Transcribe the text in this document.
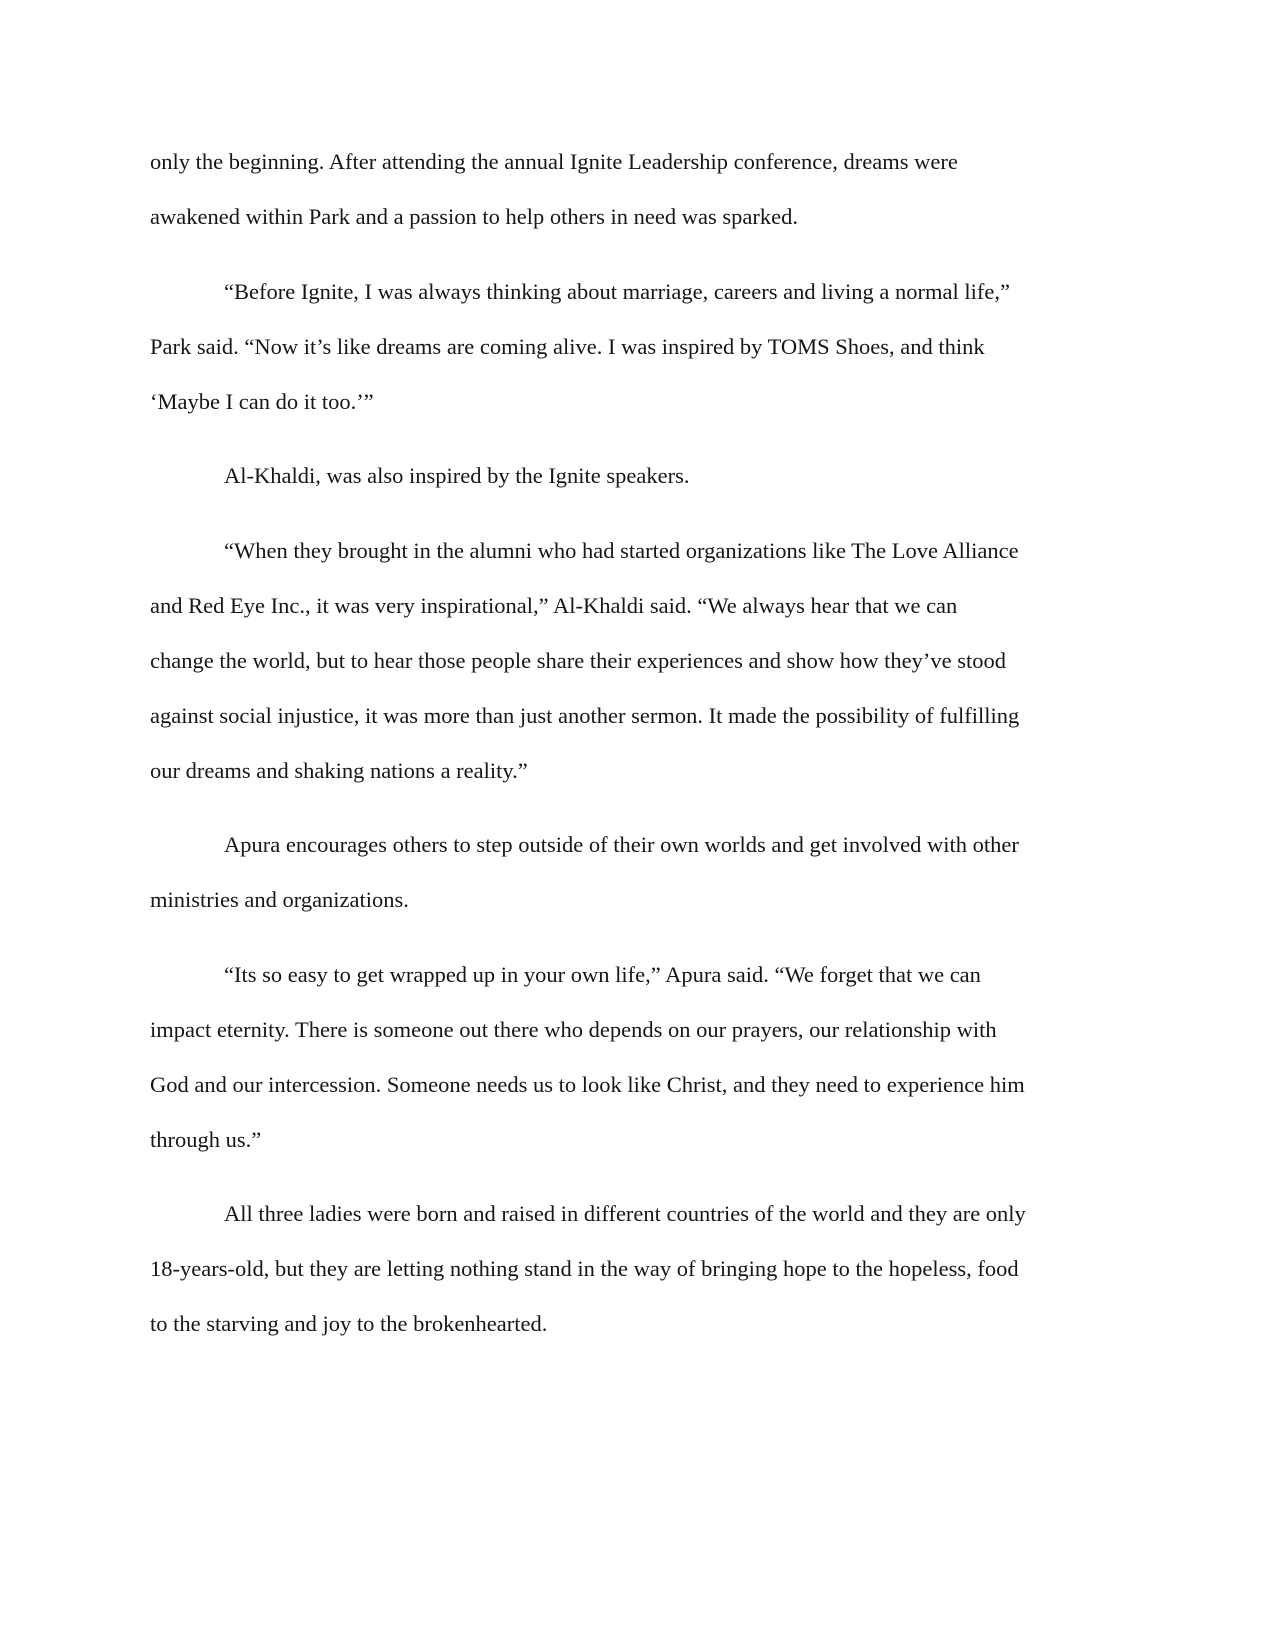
only the beginning. After attending the annual Ignite Leadership conference, dreams were

awakened within Park and a passion to help others in need was sparked.

“Before Ignite, I was always thinking about marriage, careers and living a normal life,”

Park said. “Now it’s like dreams are coming alive. I was inspired by TOMS Shoes, and think

‘Maybe I can do it too.’”

Al-Khaldi, was also inspired by the Ignite speakers.

“When they brought in the alumni who had started organizations like The Love Alliance

and Red Eye Inc., it was very inspirational,” Al-Khaldi said. “We always hear that we can

change the world, but to hear those people share their experiences and show how they’ve stood

against social injustice, it was more than just another sermon. It made the possibility of fulfilling

our dreams and shaking nations a reality.”

Apura encourages others to step outside of their own worlds and get involved with other

ministries and organizations.

“Its so easy to get wrapped up in your own life,” Apura said. “We forget that we can

impact eternity. There is someone out there who depends on our prayers, our relationship with

God and our intercession. Someone needs us to look like Christ, and they need to experience him

through us.”

All three ladies were born and raised in different countries of the world and they are only

18-years-old, but they are letting nothing stand in the way of bringing hope to the hopeless, food

to the starving and joy to the brokenhearted.
